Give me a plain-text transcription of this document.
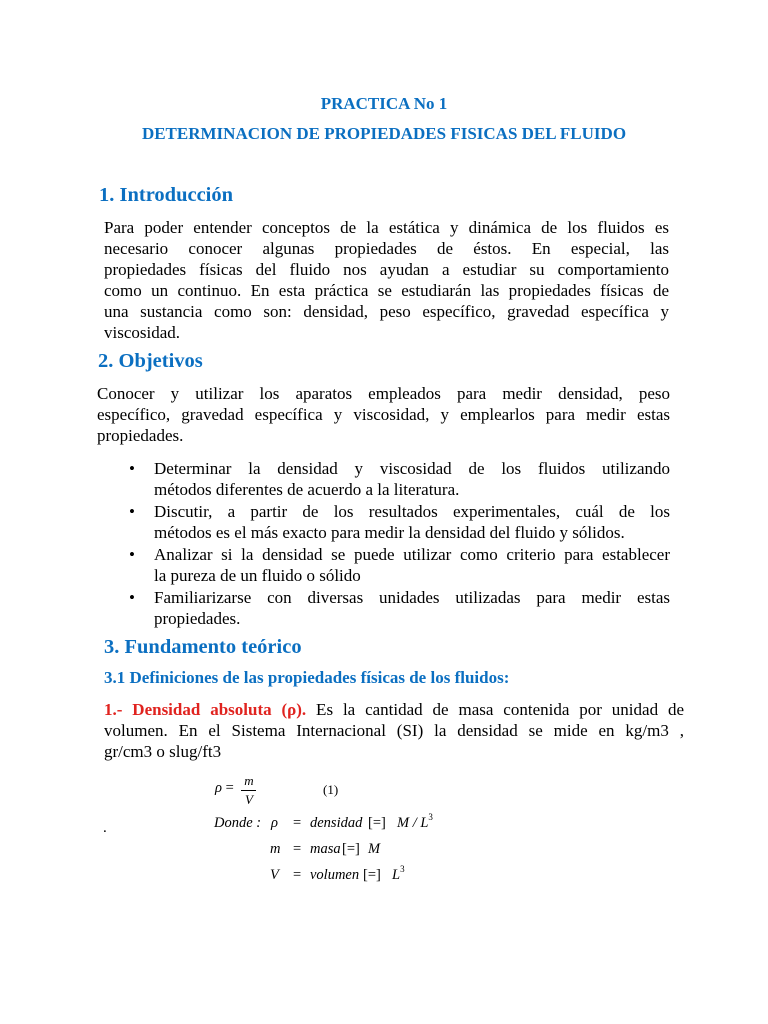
PRACTICA No 1
DETERMINACION DE PROPIEDADES FISICAS DEL FLUIDO
1. Introducción
Para poder entender conceptos de la estática y dinámica de los fluidos es
necesario conocer algunas propiedades de éstos. En especial, las
propiedades físicas del fluido nos ayudan a estudiar su comportamiento
como un continuo. En esta práctica se estudiarán las propiedades físicas de
una sustancia como son: densidad, peso específico, gravedad específica y
viscosidad.
2. Objetivos
Conocer y utilizar los aparatos empleados para medir densidad, peso
específico, gravedad específica y viscosidad, y emplearlos para medir estas
propiedades.
• Determinar la densidad y viscosidad de los fluidos utilizando
métodos diferentes de acuerdo a la literatura.
• Discutir, a partir de los resultados experimentales, cuál de los
métodos es el más exacto para medir la densidad del fluido y sólidos.
• Analizar si la densidad se puede utilizar como criterio para establecer
la pureza de un fluido o sólido
• Familiarizarse con diversas unidades utilizadas para medir estas
propiedades.
3. Fundamento teórico
3.1 Definiciones de las propiedades físicas de los fluidos:
1.- Densidad absoluta (ρ). Es la cantidad de masa contenida por unidad de
volumen. En el Sistema Internacional (SI) la densidad se mide en kg/m3 ,
gr/cm3 o slug/ft3
ρ = m
V
(1)
.	Donde : ρ = densidad [=] M / $L^3$
m = masa [=] M
V = volumen [=] $L^3$
